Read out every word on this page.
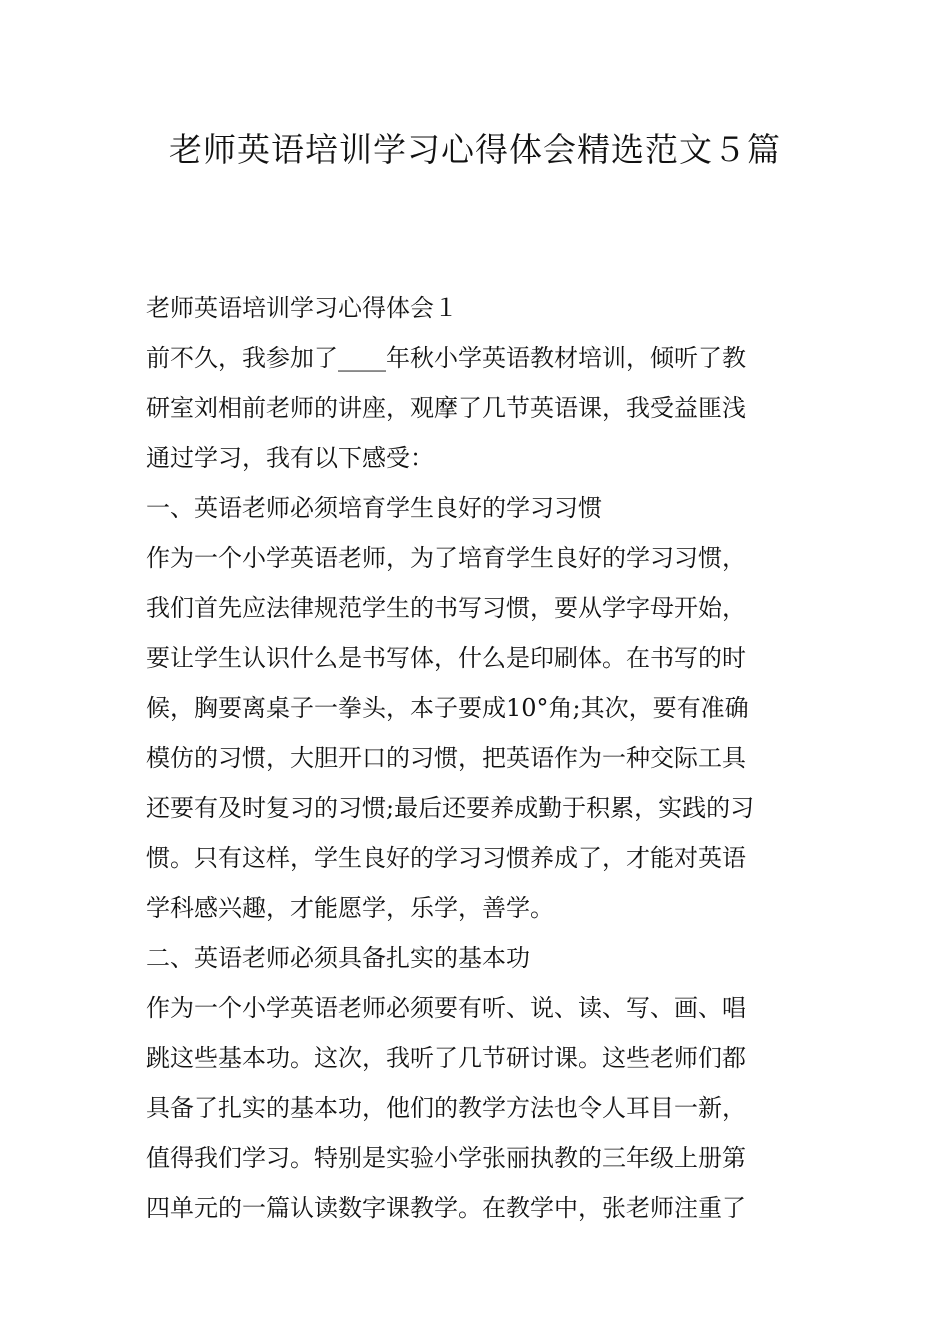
老师英语培训学习心得体会精选范文５篇
老师英语培训学习心得体会１
前不久，我参加了____年秋小学英语教材培训，倾听了教
研室刘相前老师的讲座，观摩了几节英语课，我受益匪浅
通过学习，我有以下感受：
一、英语老师必须培育学生良好的学习习惯
作为一个小学英语老师，为了培育学生良好的学习习惯，
我们首先应法律规范学生的书写习惯，要从学字母开始，
要让学生认识什么是书写体，什么是印刷体。在书写的时
候，胸要离桌子一拳头，本子要成10°角;其次，要有准确
模仿的习惯，大胆开口的习惯，把英语作为一种交际工具
还要有及时复习的习惯;最后还要养成勤于积累，实践的习
惯。只有这样，学生良好的学习习惯养成了，才能对英语
学科感兴趣，才能愿学，乐学，善学。
二、英语老师必须具备扎实的基本功
作为一个小学英语老师必须要有听、说、读、写、画、唱
跳这些基本功。这次，我听了几节研讨课。这些老师们都
具备了扎实的基本功，他们的教学方法也令人耳目一新，
值得我们学习。特别是实验小学张丽执教的三年级上册第
四单元的一篇认读数字课教学。在教学中，张老师注重了
